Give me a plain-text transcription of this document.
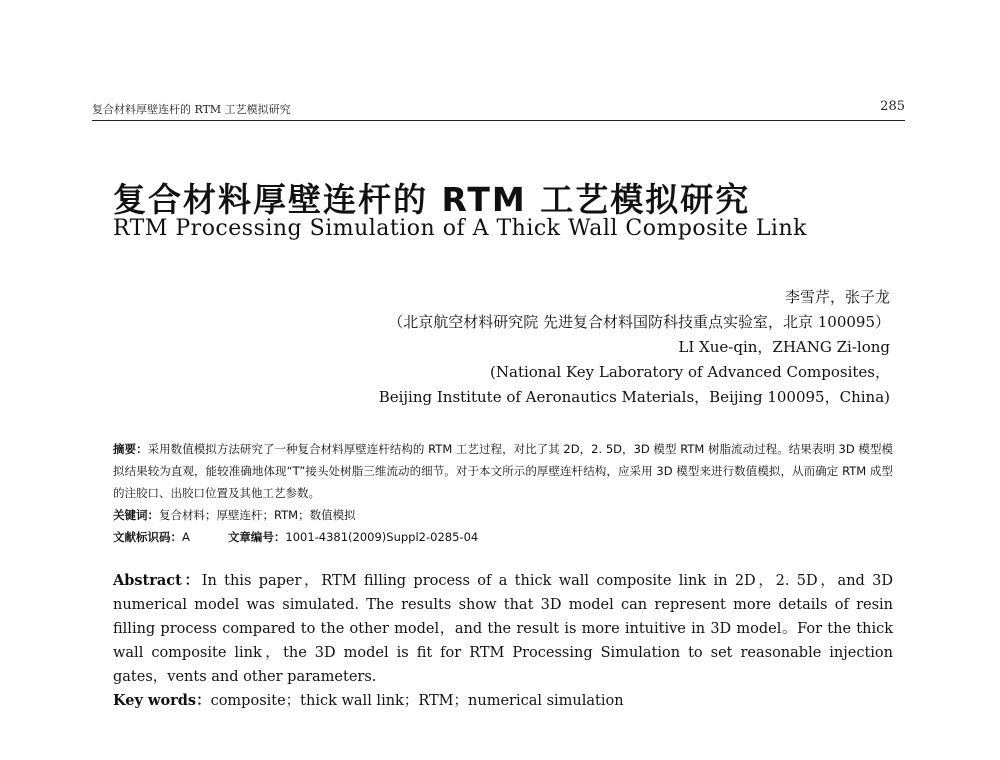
复合材料厚壁连杆的 RTM 工艺模拟研究	285
复合材料厚壁连杆的 RTM 工艺模拟研究
RTM Processing Simulation of A Thick Wall Composite Link
李雪芹，张子龙
（北京航空材料研究院 先进复合材料国防科技重点实验室，北京 100095）
LI Xue-qin，ZHANG Zi-long
(National Key Laboratory of Advanced Composites，
Beijing Institute of Aeronautics Materials，Beijing 100095，China)
摘要：采用数值模拟方法研究了一种复合材料厚壁连杆结构的 RTM 工艺过程，对比了其 2D，2. 5D，3D 模型 RTM 树脂流动过程。结果表明 3D 模型模拟结果较为直观，能较准确地体现“T”接头处树脂三维流动的细节。对于本文所示的厚壁连杆结构，应采用 3D 模型来进行数值模拟，从而确定 RTM 成型的注胶口、出胶口位置及其他工艺参数。
关键词：复合材料；厚壁连杆；RTM；数值模拟
文献标识码：A	文章编号：1001-4381(2009)Suppl2-0285-04
Abstract：In this paper，RTM filling process of a thick wall composite link in 2D，2. 5D，and 3D numerical model was simulated. The results show that 3D model can represent more details of resin filling process compared to the other model，and the result is more intuitive in 3D model。For the thick wall composite link，the 3D model is fit for RTM Processing Simulation to set reasonable injection gates，vents and other parameters.
Key words：composite；thick wall link；RTM；numerical simulation
